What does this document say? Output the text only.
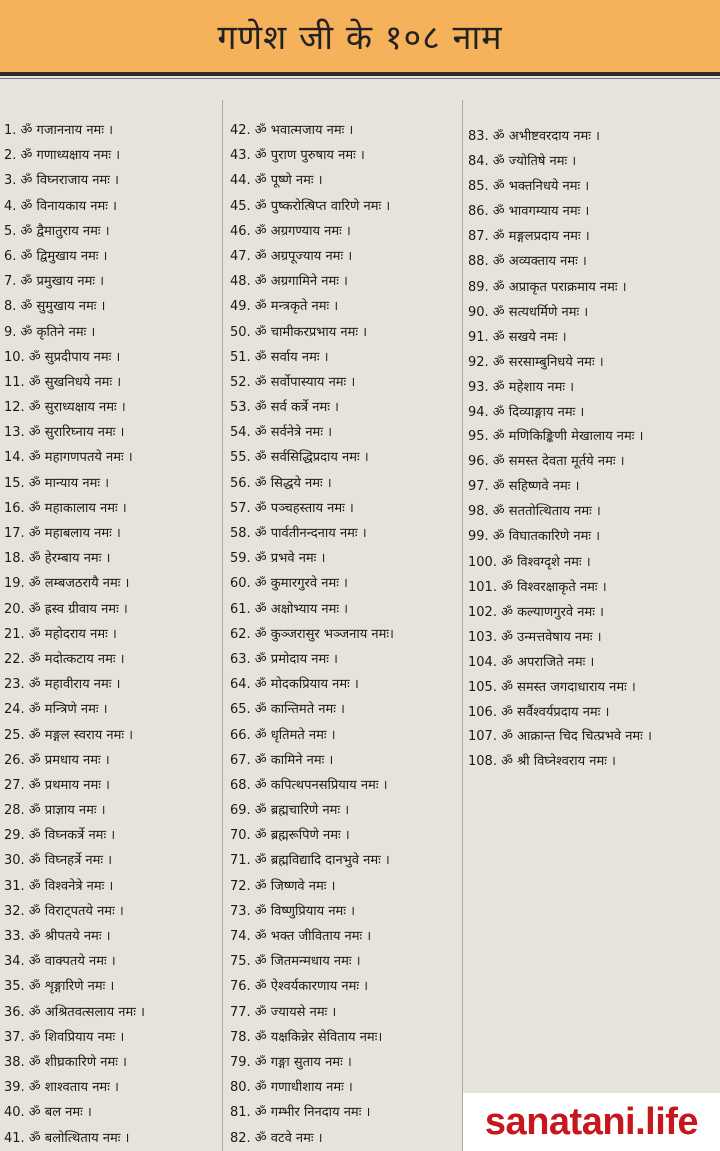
गणेश जी के १०८ नाम
1. ॐ गजाननाय नमः ।
2. ॐ गणाध्यक्षाय नमः ।
3. ॐ विघ्नराजाय नमः ।
4. ॐ विनायकाय नमः ।
5. ॐ द्वैमातुराय नमः ।
6. ॐ द्विमुखाय नमः ।
7. ॐ प्रमुखाय नमः ।
8. ॐ सुमुखाय नमः ।
9. ॐ कृतिने नमः ।
10. ॐ सुप्रदीपाय नमः ।
11. ॐ सुखनिधये नमः ।
12. ॐ सुराध्यक्षाय नमः ।
13. ॐ सुरारिघ्नाय नमः ।
14. ॐ महागणपतये नमः ।
15. ॐ मान्याय नमः ।
16. ॐ महाकालाय नमः ।
17. ॐ महाबलाय नमः ।
18. ॐ हेरम्बाय नमः ।
19. ॐ लम्बजठरायै नमः ।
20. ॐ ह्रस्व ग्रीवाय नमः ।
21. ॐ महोदराय नमः ।
22. ॐ मदोत्कटाय नमः ।
23. ॐ महावीराय नमः ।
24. ॐ मन्त्रिणे नमः ।
25. ॐ मङ्गल स्वराय नमः ।
26. ॐ प्रमधाय नमः ।
27. ॐ प्रथमाय नमः ।
28. ॐ प्राज्ञाय नमः ।
29. ॐ विघ्नकर्त्रे नमः ।
30. ॐ विघ्नहर्त्रे नमः ।
31. ॐ विश्वनेत्रे नमः ।
32. ॐ विराट्पतये नमः ।
33. ॐ श्रीपतये नमः ।
34. ॐ वाक्पतये नमः ।
35. ॐ शृङ्गारिणे नमः ।
36. ॐ अश्रितवत्सलाय नमः ।
37. ॐ शिवप्रियाय नमः ।
38. ॐ शीघ्रकारिणे नमः ।
39. ॐ शाश्वताय नमः ।
40. ॐ बल नमः ।
41. ॐ बलोत्थिताय नमः ।
42. ॐ भवात्मजाय नमः ।
43. ॐ पुराण पुरुषाय नमः ।
44. ॐ पूष्णे नमः ।
45. ॐ पुष्करोत्षिप्त वारिणे नमः ।
46. ॐ अग्रगण्याय नमः ।
47. ॐ अग्रपूज्याय नमः ।
48. ॐ अग्रगामिने नमः ।
49. ॐ मन्त्रकृते नमः ।
50. ॐ चामीकरप्रभाय नमः ।
51. ॐ सर्वाय नमः ।
52. ॐ सर्वोपास्याय नमः ।
53. ॐ सर्व कर्त्रे नमः ।
54. ॐ सर्वनेत्रे नमः ।
55. ॐ सर्वसिद्धिप्रदाय नमः ।
56. ॐ सिद्धये नमः ।
57. ॐ पञ्चहस्ताय नमः ।
58. ॐ पार्वतीनन्दनाय नमः ।
59. ॐ प्रभवे नमः ।
60. ॐ कुमारगुरवे नमः ।
61. ॐ अक्षोभ्याय नमः ।
62. ॐ कुञ्जरासुर भञ्जनाय नमः।
63. ॐ प्रमोदाय नमः ।
64. ॐ मोदकप्रियाय नमः ।
65. ॐ कान्तिमते नमः ।
66. ॐ धृतिमते नमः ।
67. ॐ कामिने नमः ।
68. ॐ कपित्थपनसप्रियाय नमः ।
69. ॐ ब्रह्मचारिणे नमः ।
70. ॐ ब्रह्मरूपिणे नमः ।
71. ॐ ब्रह्मविद्यादि दानभुवे नमः ।
72. ॐ जिष्णवे नमः ।
73. ॐ विष्णुप्रियाय नमः ।
74. ॐ भक्त जीविताय नमः ।
75. ॐ जितमन्मधाय नमः ।
76. ॐ ऐश्वर्यकारणाय नमः ।
77. ॐ ज्यायसे नमः ।
78. ॐ यक्षकिन्नेर सेविताय नमः।
79. ॐ गङ्गा सुताय नमः ।
80. ॐ गणाधीशाय नमः ।
81. ॐ गम्भीर निनदाय नमः ।
82. ॐ वटवे नमः ।
83. ॐ अभीष्टवरदाय नमः ।
84. ॐ ज्योतिषे नमः ।
85. ॐ भक्तनिधये नमः ।
86. ॐ भावगम्याय नमः ।
87. ॐ मङ्गलप्रदाय नमः ।
88. ॐ अव्यक्ताय नमः ।
89. ॐ अप्राकृत पराक्रमाय नमः ।
90. ॐ सत्यधर्मिणे नमः ।
91. ॐ सखये नमः ।
92. ॐ सरसाम्बुनिधये नमः ।
93. ॐ महेशाय नमः ।
94. ॐ दिव्याङ्गाय नमः ।
95. ॐ मणिकिङ्किणी मेखालाय नमः ।
96. ॐ समस्त देवता मूर्तये नमः ।
97. ॐ सहिष्णवे नमः ।
98. ॐ सततोत्थिताय नमः ।
99. ॐ विघातकारिणे नमः ।
100. ॐ विश्वग्दृशे नमः ।
101. ॐ विश्वरक्षाकृते नमः ।
102. ॐ कल्याणगुरवे नमः ।
103. ॐ उन्मत्तवेषाय नमः ।
104. ॐ अपराजिते नमः ।
105. ॐ समस्त जगदाधाराय नमः ।
106. ॐ सर्वैश्वर्यप्रदाय नमः ।
107. ॐ आक्रान्त चिद चित्प्रभवे नमः ।
108. ॐ श्री विघ्नेश्वराय नमः ।
sanatani.life
